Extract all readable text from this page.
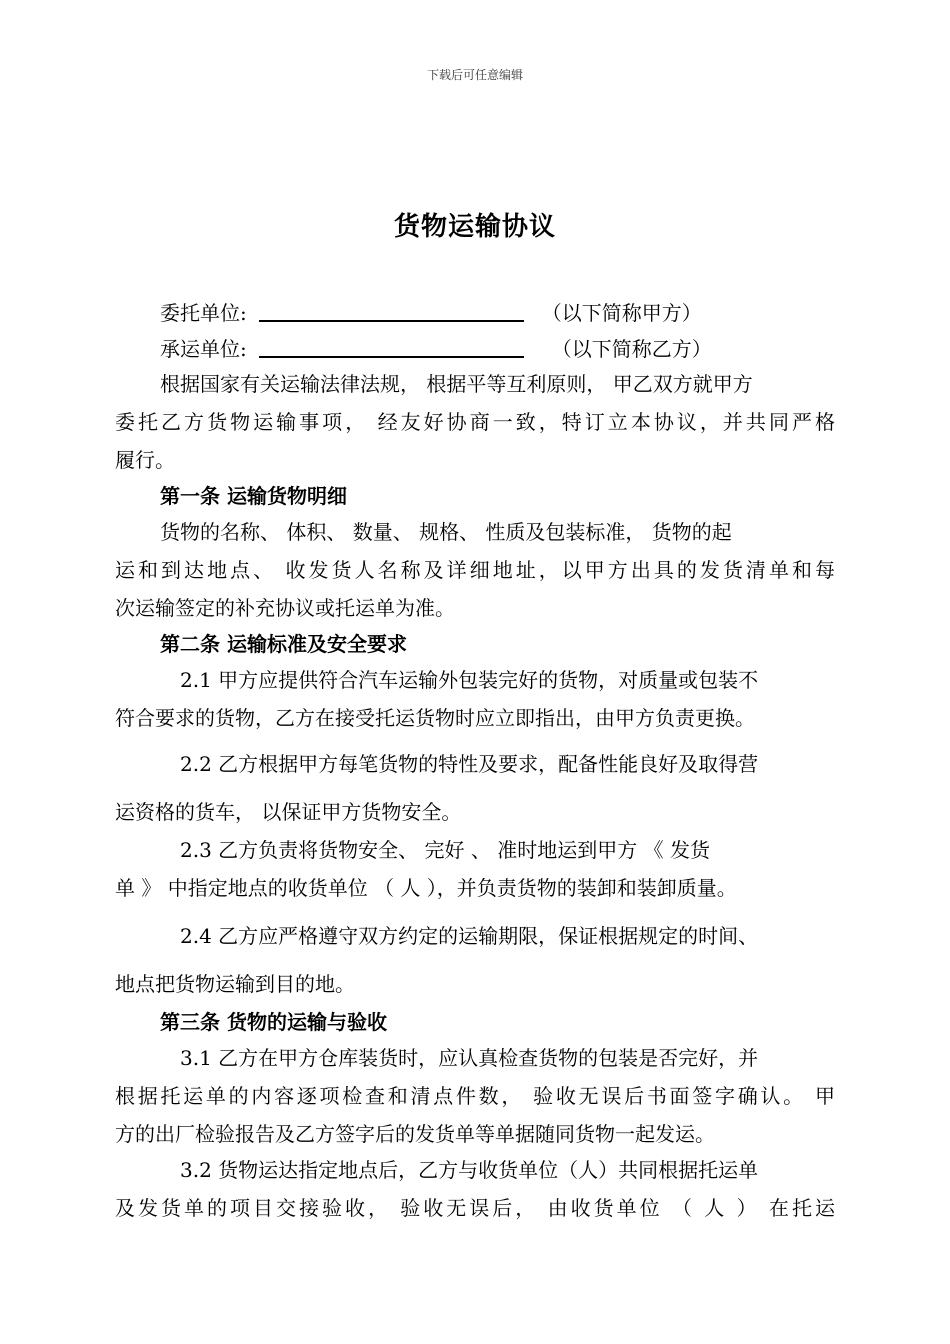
下载后可任意编辑
货物运输协议
委托单位:	（以下简称甲方）
承运单位:	（以下简称乙方）
根据国家有关运输法律法规， 根据平等互利原则， 甲乙双方就甲方
委托乙方货物运输事项， 经友好协商一致，特订立本协议，并共同严格
履行。
第一条 运输货物明细
货物的名称、 体积、 数量、 规格、 性质及包装标准， 货物的起
运和到达地点、 收发货人名称及详细地址，以甲方出具的发货清单和每
次运输签定的补充协议或托运单为准。
第二条 运输标准及安全要求
2.1 甲方应提供符合汽车运输外包装完好的货物，对质量或包装不
符合要求的货物，乙方在接受托运货物时应立即指出，由甲方负责更换。
2.2 乙方根据甲方每笔货物的特性及要求，配备性能良好及取得营
运资格的货车， 以保证甲方货物安全。
2.3 乙方负责将货物安全、 完好 、 准时地运到甲方 《 发货
单 》 中指定地点的收货单位 （ 人 ），并负责货物的装卸和装卸质量。
2.4 乙方应严格遵守双方约定的运输期限，保证根据规定的时间、
地点把货物运输到目的地。
第三条 货物的运输与验收
3.1 乙方在甲方仓库装货时，应认真检查货物的包装是否完好，并
根据托运单的内容逐项检查和清点件数， 验收无误后书面签字确认。 甲
方的出厂检验报告及乙方签字后的发货单等单据随同货物一起发运。
3.2 货物运达指定地点后，乙方与收货单位（人）共同根据托运单
及发货单的项目交接验收， 验收无误后， 由收货单位 （ 人 ） 在托运
